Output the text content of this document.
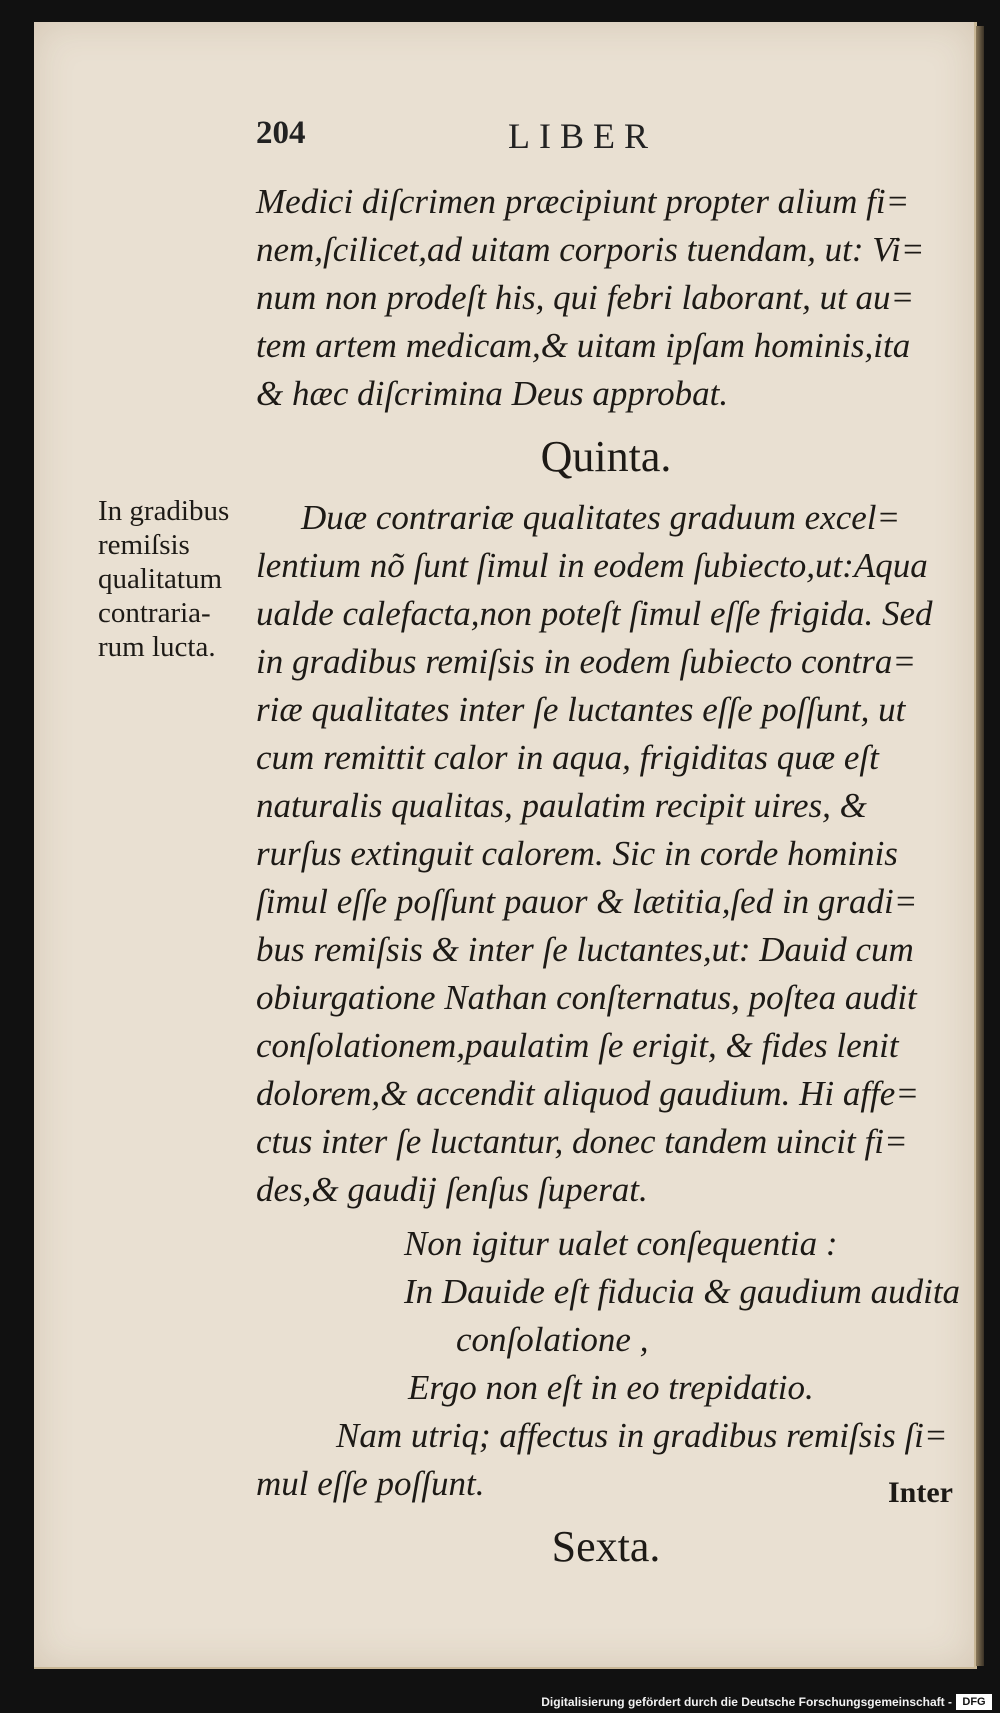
204	LIBER

In gradibus

remiſsis

qualitatum

contraria-

rum lucta.

Medici diſcrimen præcipiunt propter alium fi=

nem,ſcilicet,ad uitam corporis tuendam, ut: Vi=

num non prodeſt his, qui febri laborant, ut au=

tem artem medicam,& uitam ipſam hominis,ita

& hæc diſcrimina Deus approbat.

Quinta.

Duæ contrariæ qualitates graduum excel=

lentium nõ ſunt ſimul in eodem ſubiecto,ut:Aqua

ualde calefacta,non poteſt ſimul eſſe frigida. Sed

in gradibus remiſsis in eodem ſubiecto contra=

riæ qualitates inter ſe luctantes eſſe poſſunt, ut

cum remittit calor in aqua, frigiditas quæ eſt

naturalis qualitas, paulatim recipit uires, &

rurſus extinguit calorem. Sic in corde hominis

ſimul eſſe poſſunt pauor & lætitia,ſed in gradi=

bus remiſsis & inter ſe luctantes,ut: Dauid cum

obiurgatione Nathan conſternatus, poſtea audit

conſolationem,paulatim ſe erigit, & fides lenit

dolorem,& accendit aliquod gaudium. Hi affe=

ctus inter ſe luctantur, donec tandem uincit fi=

des,& gaudij ſenſus ſuperat.

Non igitur ualet conſequentia :

In Dauide eſt fiducia & gaudium audita

conſolatione ,

Ergo non eſt in eo trepidatio.

Nam utriq; affectus in gradibus remiſsis ſi=

mul eſſe poſſunt.

Sexta.
Inter
Digitalisierung gefördert durch die Deutsche Forschungsgemeinschaft - DFG
